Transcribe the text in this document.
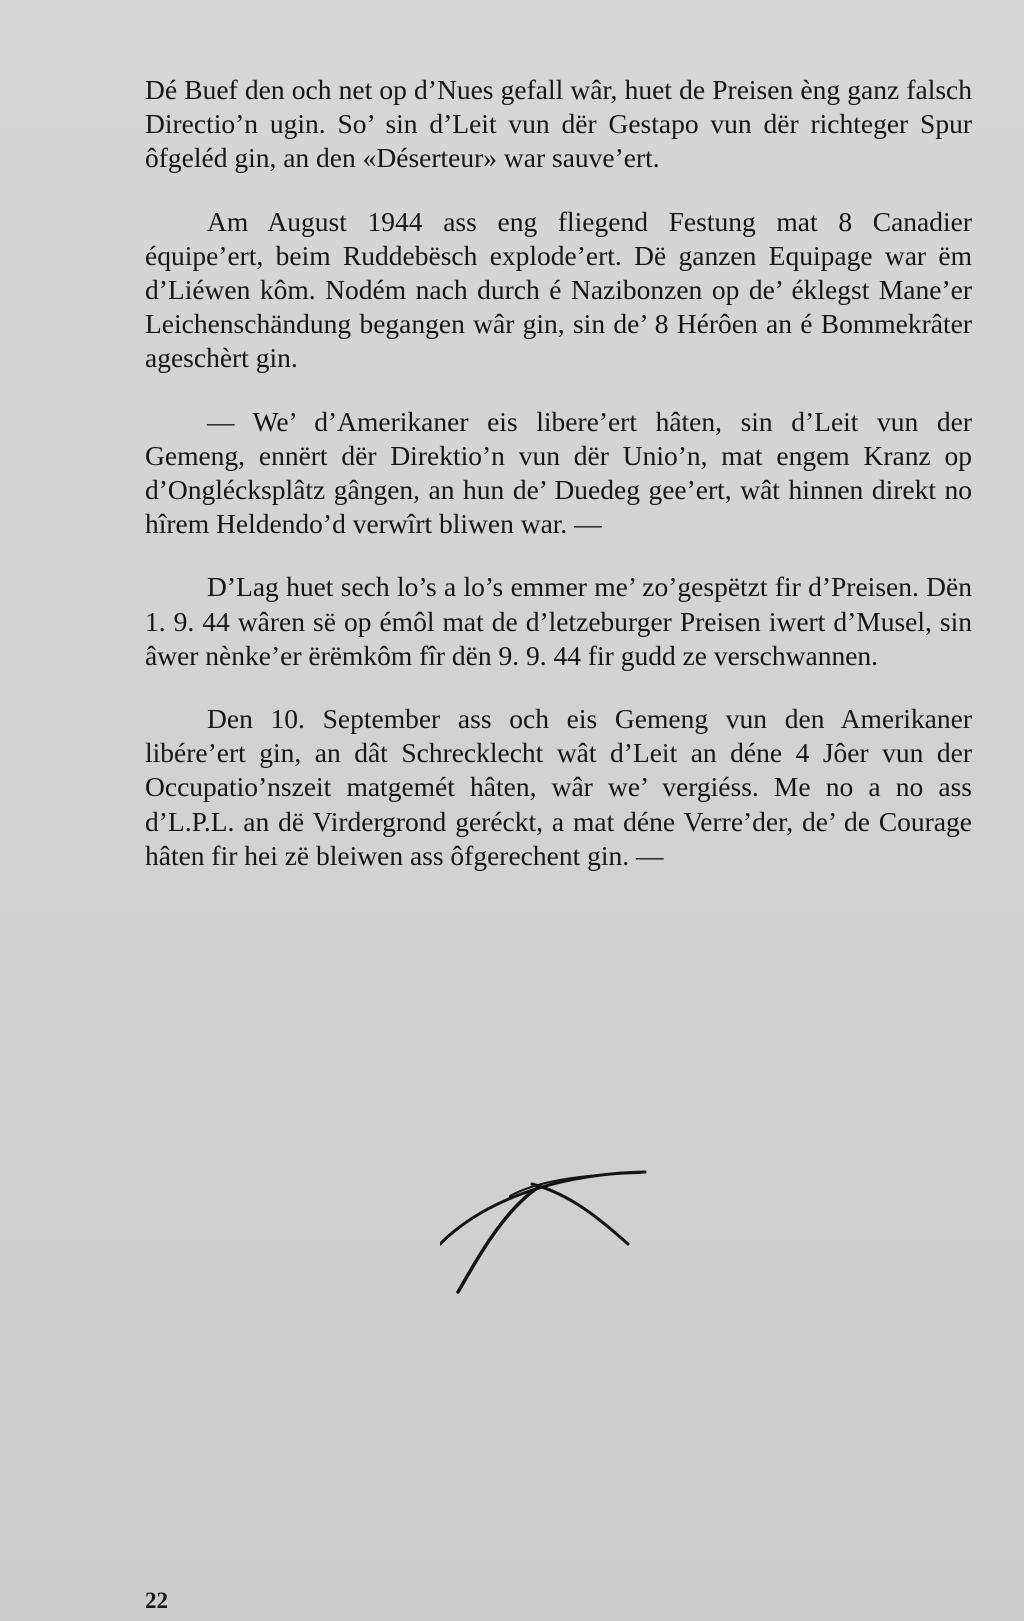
Dé Buef den och net op d’Nues gefall wâr, huet de Preisen èng ganz falsch Directio’n ugin. So’ sin d’Leit vun dër Gestapo vun dër richteger Spur ôfgeléd gin, an den «Déserteur» war sauve’ert.

Am August 1944 ass eng fliegend Festung mat 8 Canadier équipe’ert, beim Ruddebësch explode’ert. Dë ganzen Equipage war ëm d’Liéwen kôm. Nodém nach durch é Nazibonzen op de’ éklegst Mane’er Leichenschändung begangen wâr gin, sin de’ 8 Hérôen an é Bommekrâter ageschèrt gin.

— We’ d’Amerikaner eis libere’ert hâten, sin d’Leit vun der Gemeng, ennërt dër Direktio’n vun dër Unio’n, mat engem Kranz op d’Onglécksplâtz gângen, an hun de’ Duedeg gee’ert, wât hinnen direkt no hîrem Heldendo’d verwîrt bliwen war. —

D’Lag huet sech lo’s a lo’s emmer me’ zo’gespëtzt fir d’Preisen. Dën 1. 9. 44 wâren së op émôl mat de d’letzeburger Preisen iwert d’Musel, sin âwer nènke’er ërëmkôm fîr dën 9. 9. 44 fir gudd ze verschwannen.

Den 10. September ass och eis Gemeng vun den Amerikaner libére’ert gin, an dât Schrecklecht wât d’Leit an déne 4 Jôer vun der Occupatio’nszeit matgemét hâten, wâr we’ vergiéss. Me no a no ass d’L.P.L. an dë Virdergrond geréckt, a mat déne Verre’der, de’ de Courage hâten fir hei zë bleiwen ass ôfgerechent gin. —

22
